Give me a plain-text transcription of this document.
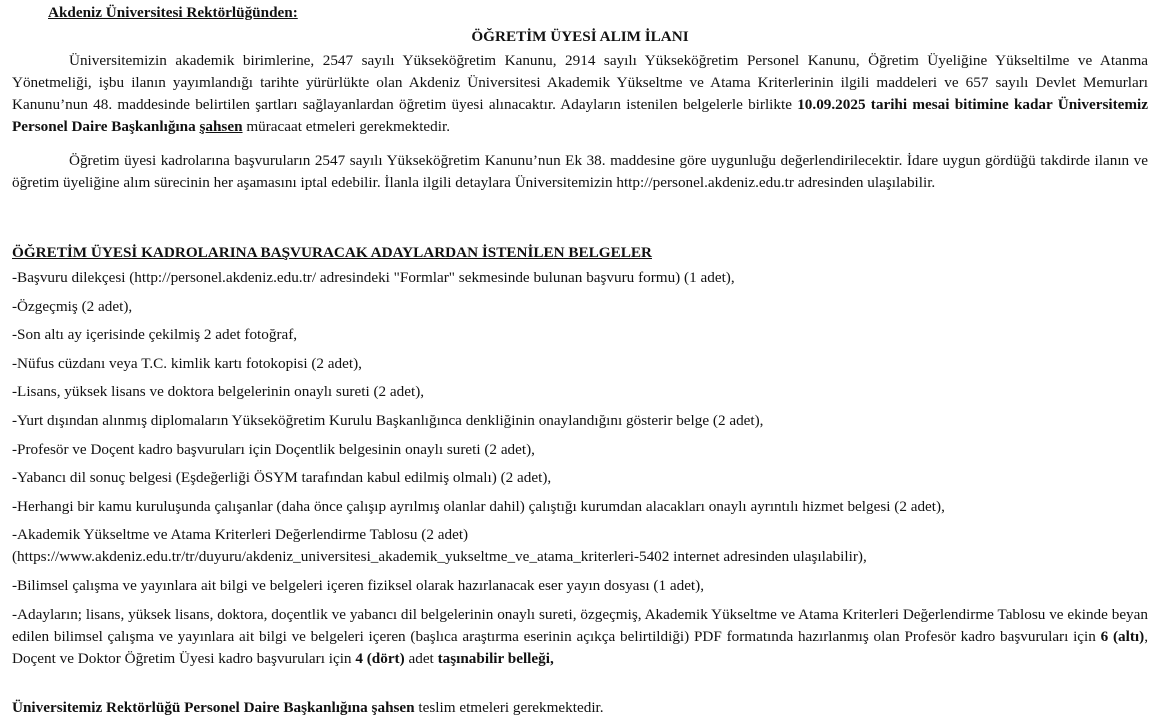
Akdeniz Üniversitesi Rektörlüğünden:
ÖĞRETİM ÜYESİ ALIM İLANI
Üniversitemizin akademik birimlerine, 2547 sayılı Yükseköğretim Kanunu, 2914 sayılı Yükseköğretim Personel Kanunu, Öğretim Üyeliğine Yükseltilme ve Atanma Yönetmeliği, işbu ilanın yayımlandığı tarihte yürürlükte olan Akdeniz Üniversitesi Akademik Yükseltme ve Atama Kriterlerinin ilgili maddeleri ve 657 sayılı Devlet Memurları Kanunu’nun 48. maddesinde belirtilen şartları sağlayanlardan öğretim üyesi alınacaktır. Adayların istenilen belgelerle birlikte 10.09.2025 tarihi mesai bitimine kadar Üniversitemiz Personel Daire Başkanlığına şahsen müracaat etmeleri gerekmektedir.
Öğretim üyesi kadrolarına başvuruların 2547 sayılı Yükseköğretim Kanunu’nun Ek 38. maddesine göre uygunluğu değerlendirilecektir. İdare uygun gördüğü takdirde ilanın ve öğretim üyeliğine alım sürecinin her aşamasını iptal edebilir. İlanla ilgili detaylara Üniversitemizin http://personel.akdeniz.edu.tr adresinden ulaşılabilir.
ÖĞRETİM ÜYESİ KADROLARINA BAŞVURACAK ADAYLARDAN İSTENİLEN BELGELER
-Başvuru dilekçesi (http://personel.akdeniz.edu.tr/ adresindeki "Formlar" sekmesinde bulunan başvuru formu) (1 adet),
-Özgeçmiş (2 adet),
-Son altı ay içerisinde çekilmiş 2 adet fotoğraf,
-Nüfus cüzdanı veya T.C. kimlik kartı fotokopisi (2 adet),
-Lisans, yüksek lisans ve doktora belgelerinin onaylı sureti (2 adet),
-Yurt dışından alınmış diplomaların Yükseköğretim Kurulu Başkanlığınca denkliğinin onaylandığını gösterir belge (2 adet),
-Profesör ve Doçent kadro başvuruları için Doçentlik belgesinin onaylı sureti (2 adet),
-Yabancı dil sonuç belgesi (Eşdeğerliği ÖSYM tarafından kabul edilmiş olmalı) (2 adet),
-Herhangi bir kamu kuruluşunda çalışanlar (daha önce çalışıp ayrılmış olanlar dahil) çalıştığı kurumdan alacakları onaylı ayrıntılı hizmet belgesi (2 adet),
-Akademik Yükseltme ve Atama Kriterleri Değerlendirme Tablosu (2 adet)
(https://www.akdeniz.edu.tr/tr/duyuru/akdeniz_universitesi_akademik_yukseltme_ve_atama_kriterleri-5402 internet adresinden ulaşılabilir),
-Bilimsel çalışma ve yayınlara ait bilgi ve belgeleri içeren fiziksel olarak hazırlanacak eser yayın dosyası (1 adet),
-Adayların; lisans, yüksek lisans, doktora, doçentlik ve yabancı dil belgelerinin onaylı sureti, özgeçmiş, Akademik Yükseltme ve Atama Kriterleri Değerlendirme Tablosu ve ekinde beyan edilen bilimsel çalışma ve yayınlara ait bilgi ve belgeleri içeren (başlıca araştırma eserinin açıkça belirtildiği) PDF formatında hazırlanmış olan Profesör kadro başvuruları için 6 (altı), Doçent ve Doktor Öğretim Üyesi kadro başvuruları için 4 (dört) adet taşınabilir belleği,
Üniversitemiz Rektörlüğü Personel Daire Başkanlığına şahsen teslim etmeleri gerekmektedir.
